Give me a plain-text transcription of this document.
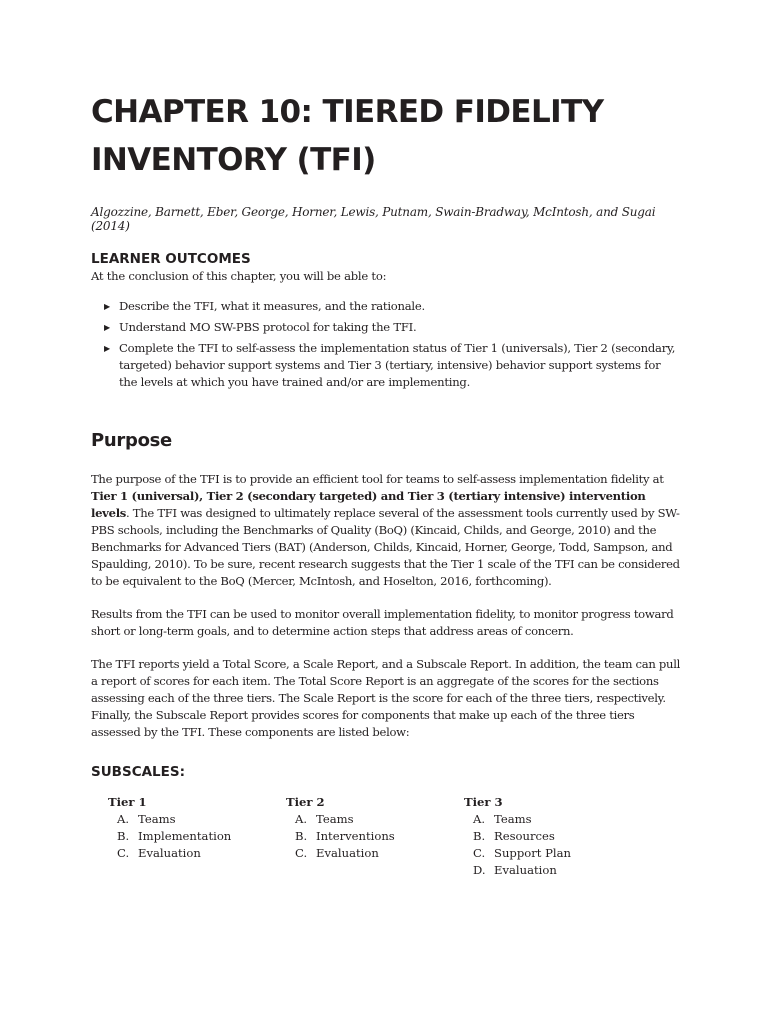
CHAPTER 10: TIERED FIDELITY
INVENTORY (TFI)

Algozzine, Barnett, Eber, George, Horner, Lewis, Putnam, Swain-Bradway, McIntosh, and Sugai (2014)

LEARNER OUTCOMES

At the conclusion of this chapter, you will be able to:

▶ Describe the TFI, what it measures, and the rationale.
▶ Understand MO SW-PBS protocol for taking the TFI.
▶ Complete the TFI to self-assess the implementation status of Tier 1 (universals), Tier 2 (secondary, targeted) behavior support systems and Tier 3 (tertiary, intensive) behavior support systems for the levels at which you have trained and/or are implementing.
Purpose

The purpose of the TFI is to provide an efficient tool for teams to self-assess implementation fidelity at Tier 1 (universal), Tier 2 (secondary targeted) and Tier 3 (tertiary intensive) intervention levels. The TFI was designed to ultimately replace several of the assessment tools currently used by SW-PBS schools, including the Benchmarks of Quality (BoQ) (Kincaid, Childs, and George, 2010) and the Benchmarks for Advanced Tiers (BAT) (Anderson, Childs, Kincaid, Horner, George, Todd, Sampson, and Spaulding, 2010). To be sure, recent research suggests that the Tier 1 scale of the TFI can be considered to be equivalent to the BoQ (Mercer, McIntosh, and Hoselton, 2016, forthcoming).

Results from the TFI can be used to monitor overall implementation fidelity, to monitor progress toward short or long-term goals, and to determine action steps that address areas of concern.

The TFI reports yield a Total Score, a Scale Report, and a Subscale Report. In addition, the team can pull a report of scores for each item. The Total Score Report is an aggregate of the scores for the sections assessing each of the three tiers. The Scale Report is the score for each of the three tiers, respectively. Finally, the Subscale Report provides scores for components that make up each of the three tiers assessed by the TFI. These components are listed below:

SUBSCALES:
Tier 1
A. Teams
B. Implementation
C. Evaluation
Tier 2
A. Teams
B. Interventions
C. Evaluation
Tier 3
A. Teams
B. Resources
C. Support Plan
D. Evaluation
